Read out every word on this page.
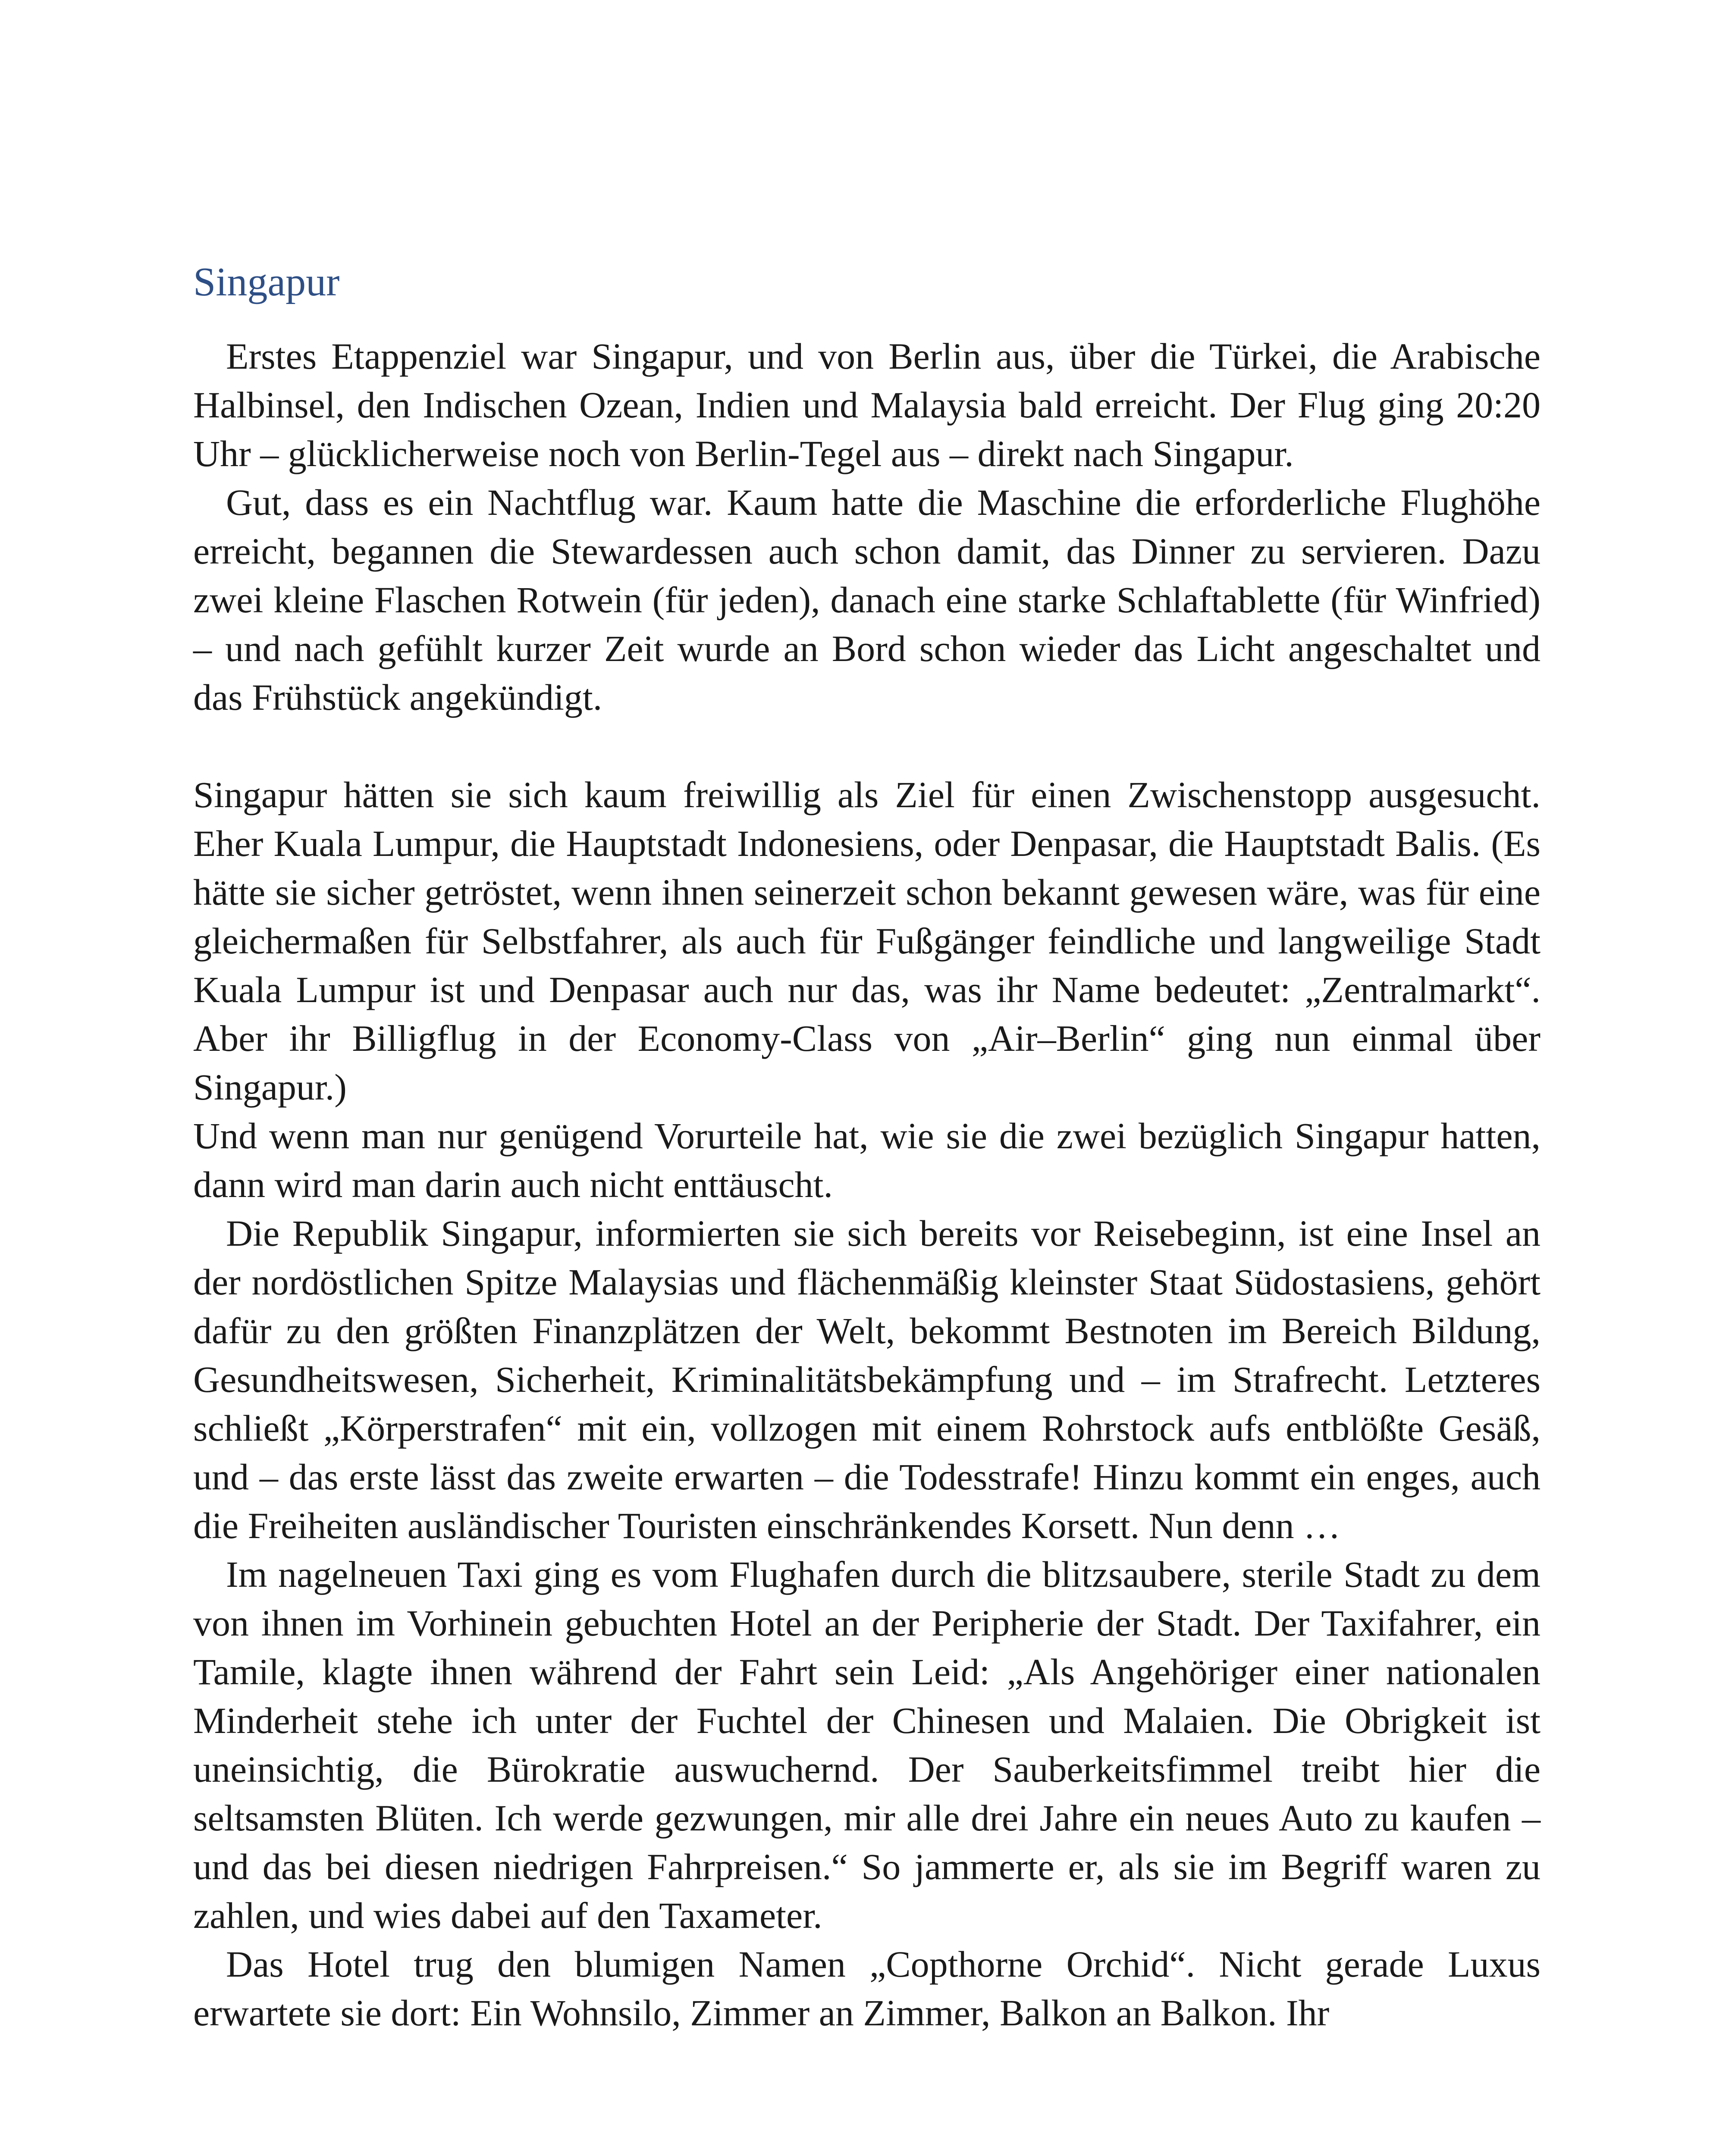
Singapur

Erstes Etappenziel war Singapur, und von Berlin aus, über die Türkei, die Arabische Halbinsel, den Indischen Ozean, Indien und Malaysia bald erreicht. Der Flug ging 20:20 Uhr – glücklicherweise noch von Berlin-Tegel aus – direkt nach Singapur.

Gut, dass es ein Nachtflug war. Kaum hatte die Maschine die erforderliche Flughöhe erreicht, begannen die Stewardessen auch schon damit, das Dinner zu servieren. Dazu zwei kleine Flaschen Rotwein (für jeden), danach eine starke Schlaftablette (für Winfried) – und nach gefühlt kurzer Zeit wurde an Bord schon wieder das Licht angeschaltet und das Frühstück angekündigt.

Singapur hätten sie sich kaum freiwillig als Ziel für einen Zwischenstopp ausgesucht. Eher Kuala Lumpur, die Hauptstadt Indonesiens, oder Denpasar, die Hauptstadt Balis. (Es hätte sie sicher getröstet, wenn ihnen seinerzeit schon bekannt gewesen wäre, was für eine gleichermaßen für Selbstfahrer, als auch für Fußgänger feindliche und langweilige Stadt Kuala Lumpur ist und Denpasar auch nur das, was ihr Name bedeutet: „Zentralmarkt“. Aber ihr Billigflug in der Economy-Class von „Air–Berlin“ ging nun einmal über Singapur.)

Und wenn man nur genügend Vorurteile hat, wie sie die zwei bezüglich Singapur hatten, dann wird man darin auch nicht enttäuscht.

Die Republik Singapur, informierten sie sich bereits vor Reisebeginn, ist eine Insel an der nordöstlichen Spitze Malaysias und flächenmäßig kleinster Staat Südostasiens, gehört dafür zu den größten Finanzplätzen der Welt, bekommt Bestnoten im Bereich Bildung, Gesundheitswesen, Sicherheit, Kriminalitätsbekämpfung und – im Strafrecht. Letzteres schließt „Körperstrafen“ mit ein, vollzogen mit einem Rohrstock aufs entblößte Gesäß, und – das erste lässt das zweite erwarten – die Todesstrafe! Hinzu kommt ein enges, auch die Freiheiten ausländischer Touristen einschränkendes Korsett. Nun denn …

Im nagelneuen Taxi ging es vom Flughafen durch die blitzsaubere, sterile Stadt zu dem von ihnen im Vorhinein gebuchten Hotel an der Peripherie der Stadt. Der Taxifahrer, ein Tamile, klagte ihnen während der Fahrt sein Leid: „Als Angehöriger einer nationalen Minderheit stehe ich unter der Fuchtel der Chinesen und Malaien. Die Obrigkeit ist uneinsichtig, die Bürokratie auswuchernd. Der Sauberkeitsfimmel treibt hier die seltsamsten Blüten. Ich werde gezwungen, mir alle drei Jahre ein neues Auto zu kaufen – und das bei diesen niedrigen Fahrpreisen.“ So jammerte er, als sie im Begriff waren zu zahlen, und wies dabei auf den Taxameter.

Das Hotel trug den blumigen Namen „Copthorne Orchid“. Nicht gerade Luxus erwartete sie dort: Ein Wohnsilo, Zimmer an Zimmer, Balkon an Balkon. Ihr
